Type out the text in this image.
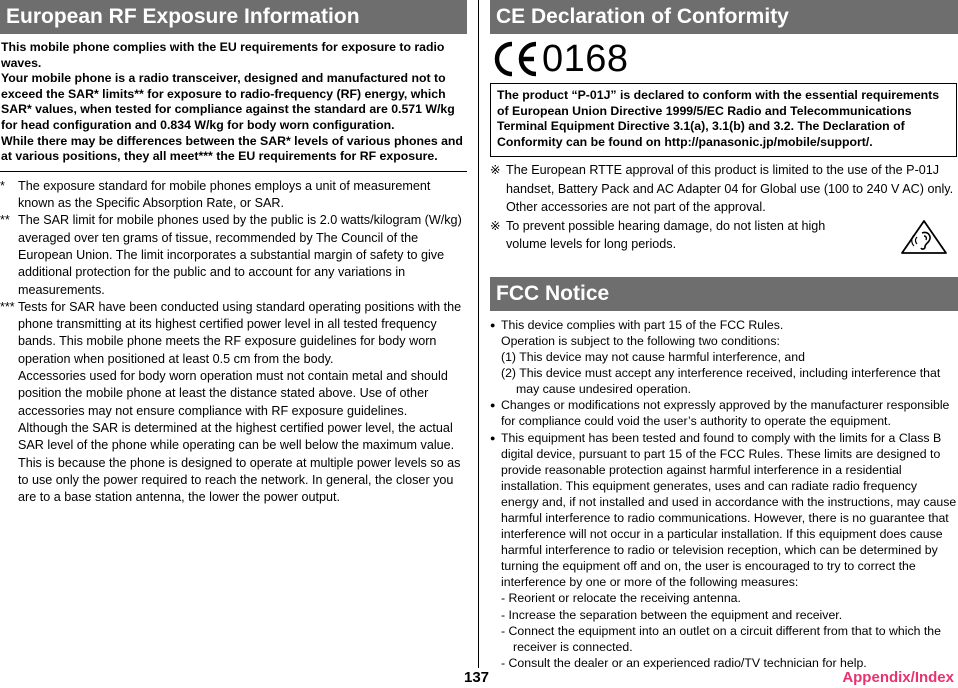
European RF Exposure Information

This mobile phone complies with the EU requirements for exposure to radio waves.

Your mobile phone is a radio transceiver, designed and manufactured not to exceed the SAR* limits** for exposure to radio-frequency (RF) energy, which SAR* values, when tested for compliance against the standard are 0.571 W/kg for head configuration and 0.834 W/kg for body worn configuration.

While there may be differences between the SAR* levels of various phones and at various positions, they all meet*** the EU requirements for RF exposure.

*	The exposure standard for mobile phones employs a unit of measurement known as the Specific Absorption Rate, or SAR.

** The SAR limit for mobile phones used by the public is 2.0 watts/kilogram (W/kg) averaged over ten grams of tissue, recommended by The Council of the European Union. The limit incorporates a substantial margin of safety to give additional protection for the public and to account for any variations in measurements.

*** Tests for SAR have been conducted using standard operating positions with the phone transmitting at its highest certified power level in all tested frequency bands. This mobile phone meets the RF exposure guidelines for body worn operation when positioned at least 0.5 cm from the body.

Accessories used for body worn operation must not contain metal and should position the mobile phone at least the distance stated above. Use of other accessories may not ensure compliance with RF exposure guidelines.

Although the SAR is determined at the highest certified power level, the actual SAR level of the phone while operating can be well below the maximum value. This is because the phone is designed to operate at multiple power levels so as to use only the power required to reach the network. In general, the closer you are to a base station antenna, the lower the power output.

CE Declaration of Conformity
0168
The product “P-01J” is declared to conform with the essential requirements of European Union Directive 1999/5/EC Radio and Telecommunications Terminal Equipment Directive 3.1(a), 3.1(b) and 3.2. The Declaration of Conformity can be found on http://panasonic.jp/mobile/support/.
※ The European RTTE approval of this product is limited to the use of the P-01J handset, Battery Pack and AC Adapter 04 for Global use (100 to 240 V AC) only. Other accessories are not part of the approval.
※ To prevent possible hearing damage, do not listen at high volume levels for long periods.
FCC Notice
● This device complies with part 15 of the FCC Rules.

Operation is subject to the following two conditions:

(1) This device may not cause harmful interference, and

(2) This device must accept any interference received, including interference that may cause undesired operation.

● Changes or modifications not expressly approved by the manufacturer responsible for compliance could void the user’s authority to operate the equipment.

● This equipment has been tested and found to comply with the limits for a Class B digital device, pursuant to part 15 of the FCC Rules. These limits are designed to provide reasonable protection against harmful interference in a residential installation. This equipment generates, uses and can radiate radio frequency energy and, if not installed and used in accordance with the instructions, may cause harmful interference to radio communications. However, there is no guarantee that interference will not occur in a particular installation. If this equipment does cause harmful interference to radio or television reception, which can be determined by turning the equipment off and on, the user is encouraged to try to correct the interference by one or more of the following measures:

- Reorient or relocate the receiving antenna.

- Increase the separation between the equipment and receiver.

- Connect the equipment into an outlet on a circuit different from that to which the receiver is connected.

- Consult the dealer or an experienced radio/TV technician for help.

137	Appendix/Index
